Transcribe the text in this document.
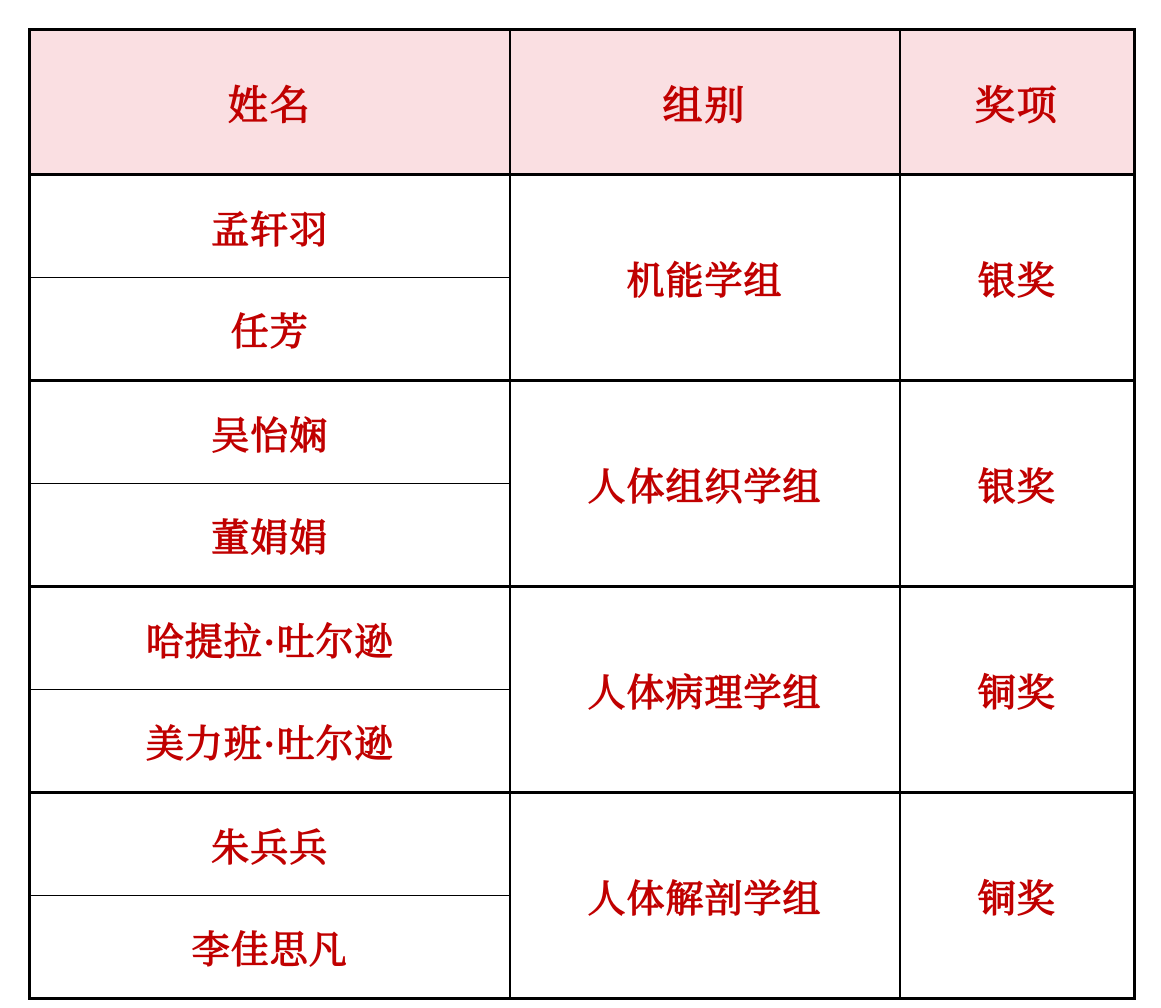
姓名	组别	奖项
孟轩羽	机能学组	银奖
任芳		
吴怡娴	人体组织学组	银奖
董娟娟		
哈提拉·吐尔逊	人体病理学组	铜奖
美力班·吐尔逊		
朱兵兵	人体解剖学组	铜奖
李佳思凡		
